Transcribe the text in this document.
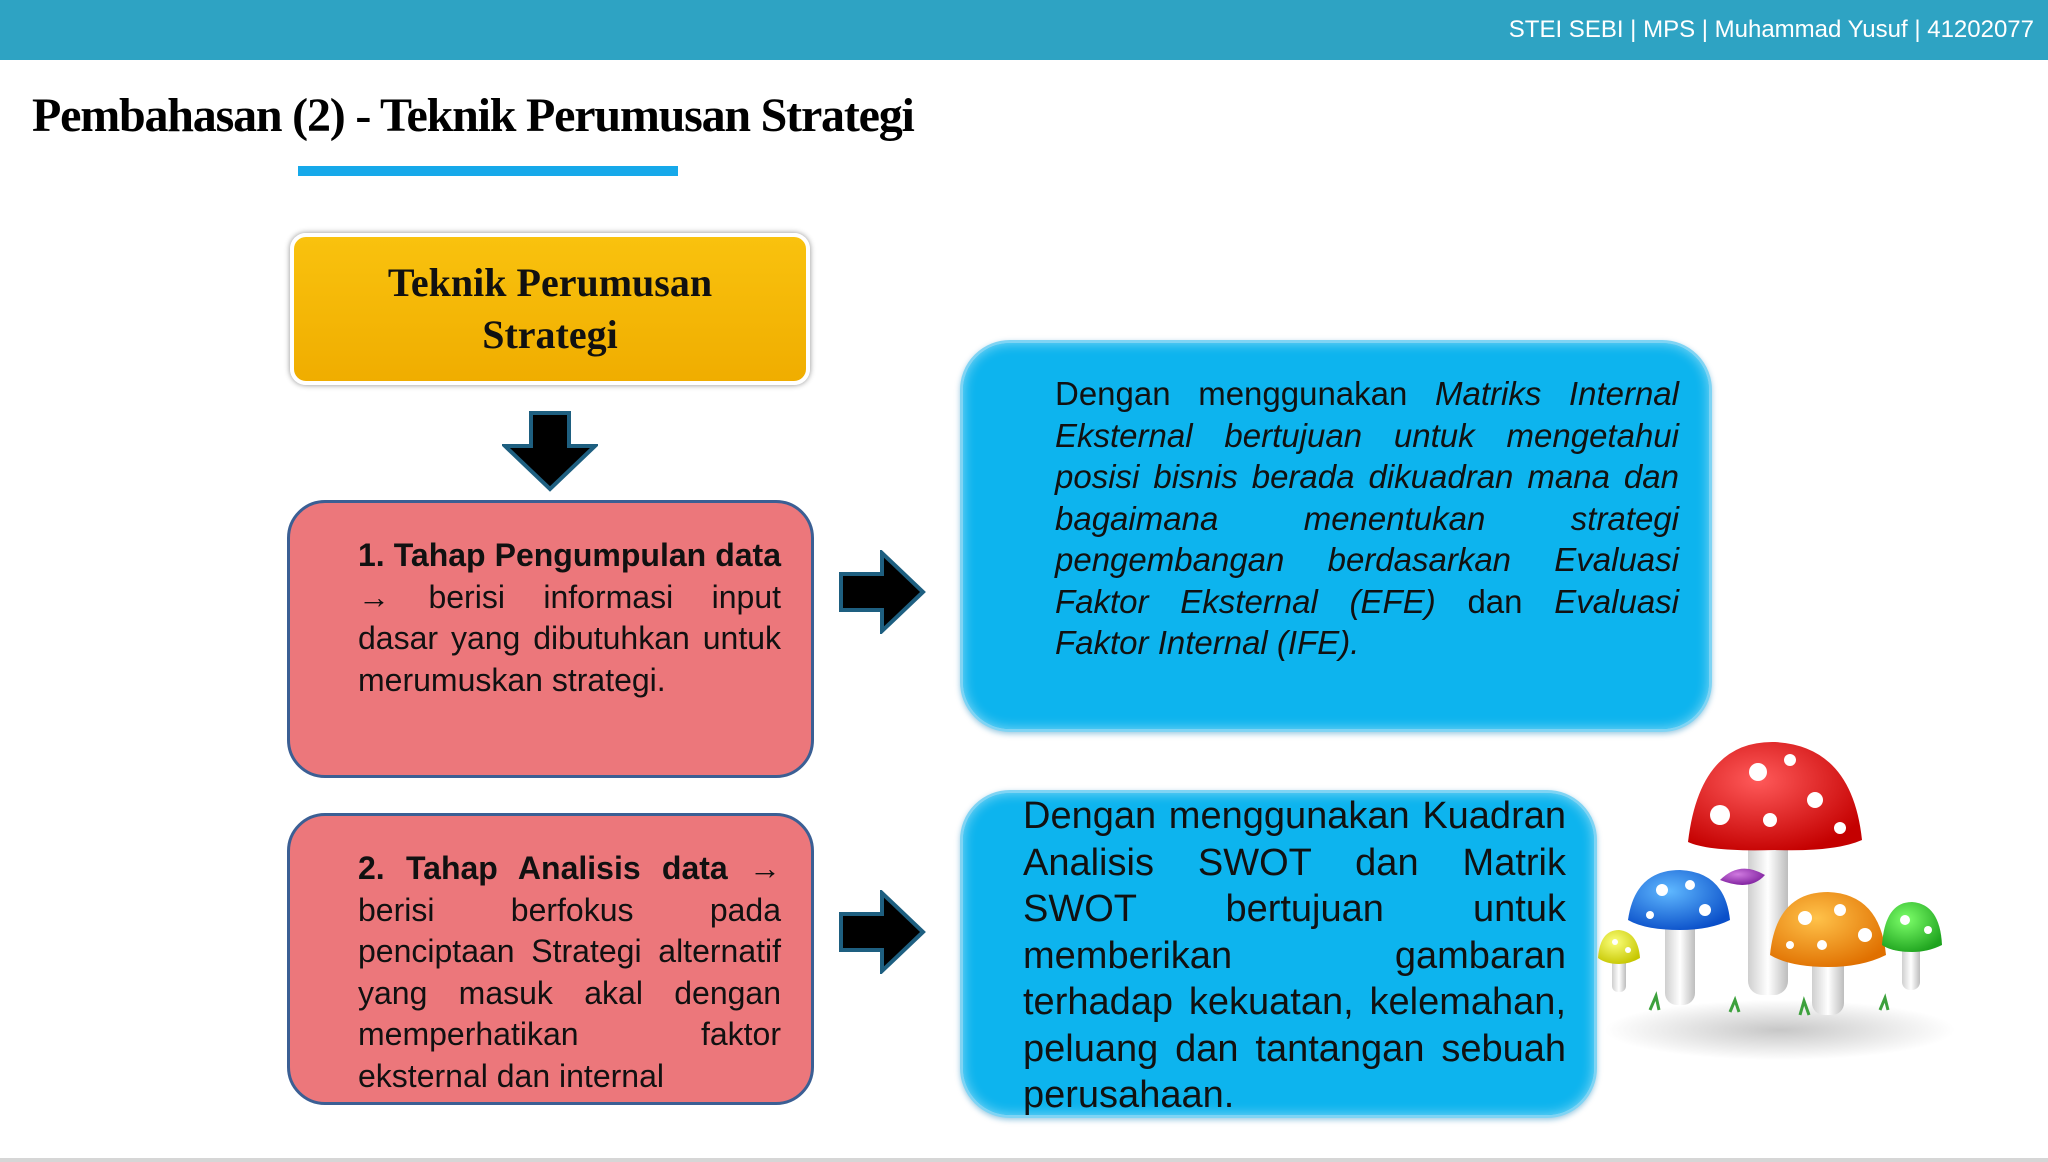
STEI SEBI | MPS | Muhammad Yusuf | 41202077
Pembahasan (2) - Teknik Perumusan Strategi
Teknik Perumusan Strategi
1. Tahap Pengumpulan data → berisi informasi input dasar yang dibutuhkan untuk merumuskan strategi.
2. Tahap Analisis data → berisi berfokus pada penciptaan Strategi alternatif yang masuk akal dengan memperhatikan faktor eksternal dan internal
Dengan menggunakan Matriks Internal Eksternal bertujuan untuk mengetahui posisi bisnis berada dikuadran mana dan bagaimana menentukan strategi pengembangan berdasarkan Evaluasi Faktor Eksternal (EFE) dan Evaluasi Faktor Internal (IFE).
Dengan menggunakan Kuadran Analisis SWOT dan Matrik SWOT bertujuan untuk memberikan gambaran terhadap kekuatan, kelemahan, peluang dan tantangan sebuah perusahaan.
